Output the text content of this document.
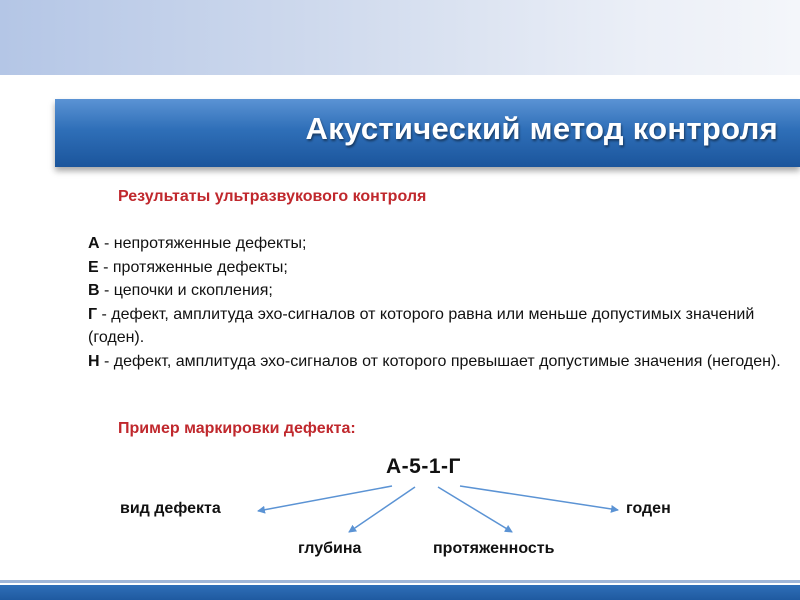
Акустический метод контроля
Результаты ультразвукового контроля

А - непротяженные дефекты;

Е - протяженные дефекты;

В - цепочки и скопления;

Г - дефект, амплитуда эхо-сигналов от которого равна или меньше допустимых значений (годен).

Н - дефект, амплитуда эхо-сигналов от которого превышает допустимые значения (негоден).

Пример маркировки дефекта:
А-5-1-Г
вид дефекта
глубина	протяженность
годен
